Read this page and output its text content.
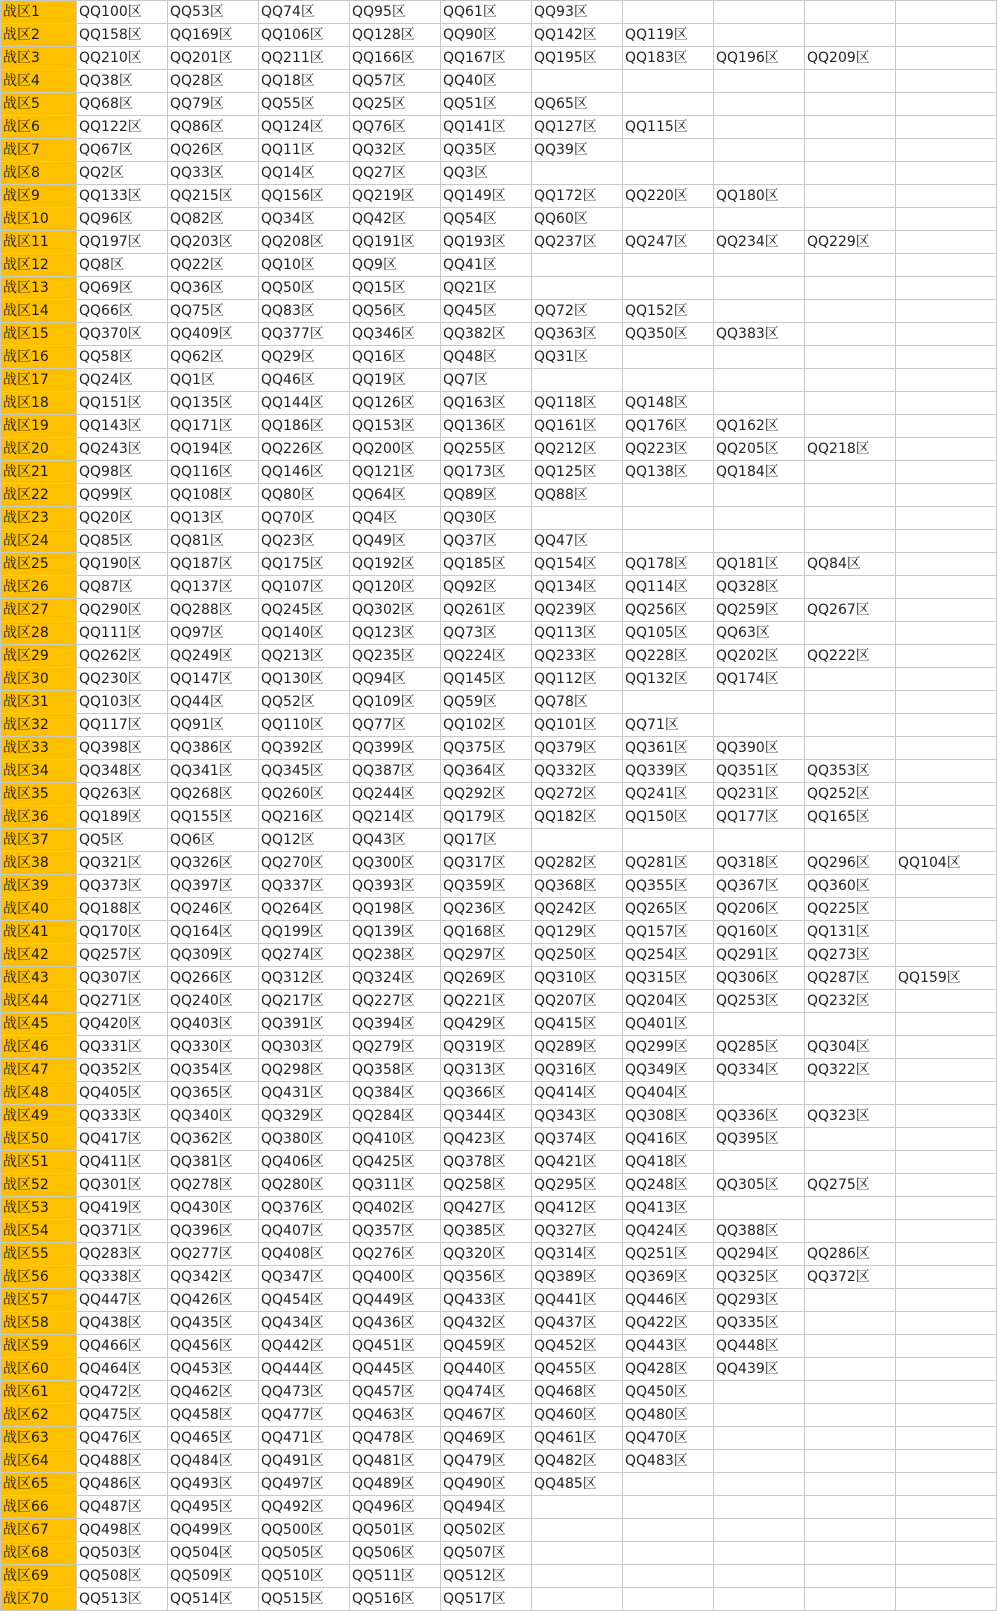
战区1	QQ100区	QQ53区	QQ74区	QQ95区	QQ61区	QQ93区				
战区2	QQ158区	QQ169区	QQ106区	QQ128区	QQ90区	QQ142区	QQ119区			
战区3	QQ210区	QQ201区	QQ211区	QQ166区	QQ167区	QQ195区	QQ183区	QQ196区	QQ209区	
战区4	QQ38区	QQ28区	QQ18区	QQ57区	QQ40区					
战区5	QQ68区	QQ79区	QQ55区	QQ25区	QQ51区	QQ65区				
战区6	QQ122区	QQ86区	QQ124区	QQ76区	QQ141区	QQ127区	QQ115区			
战区7	QQ67区	QQ26区	QQ11区	QQ32区	QQ35区	QQ39区				
战区8	QQ2区	QQ33区	QQ14区	QQ27区	QQ3区					
战区9	QQ133区	QQ215区	QQ156区	QQ219区	QQ149区	QQ172区	QQ220区	QQ180区		
战区10	QQ96区	QQ82区	QQ34区	QQ42区	QQ54区	QQ60区				
战区11	QQ197区	QQ203区	QQ208区	QQ191区	QQ193区	QQ237区	QQ247区	QQ234区	QQ229区	
战区12	QQ8区	QQ22区	QQ10区	QQ9区	QQ41区					
战区13	QQ69区	QQ36区	QQ50区	QQ15区	QQ21区					
战区14	QQ66区	QQ75区	QQ83区	QQ56区	QQ45区	QQ72区	QQ152区			
战区15	QQ370区	QQ409区	QQ377区	QQ346区	QQ382区	QQ363区	QQ350区	QQ383区		
战区16	QQ58区	QQ62区	QQ29区	QQ16区	QQ48区	QQ31区				
战区17	QQ24区	QQ1区	QQ46区	QQ19区	QQ7区					
战区18	QQ151区	QQ135区	QQ144区	QQ126区	QQ163区	QQ118区	QQ148区			
战区19	QQ143区	QQ171区	QQ186区	QQ153区	QQ136区	QQ161区	QQ176区	QQ162区		
战区20	QQ243区	QQ194区	QQ226区	QQ200区	QQ255区	QQ212区	QQ223区	QQ205区	QQ218区	
战区21	QQ98区	QQ116区	QQ146区	QQ121区	QQ173区	QQ125区	QQ138区	QQ184区		
战区22	QQ99区	QQ108区	QQ80区	QQ64区	QQ89区	QQ88区				
战区23	QQ20区	QQ13区	QQ70区	QQ4区	QQ30区					
战区24	QQ85区	QQ81区	QQ23区	QQ49区	QQ37区	QQ47区				
战区25	QQ190区	QQ187区	QQ175区	QQ192区	QQ185区	QQ154区	QQ178区	QQ181区	QQ84区	
战区26	QQ87区	QQ137区	QQ107区	QQ120区	QQ92区	QQ134区	QQ114区	QQ328区		
战区27	QQ290区	QQ288区	QQ245区	QQ302区	QQ261区	QQ239区	QQ256区	QQ259区	QQ267区	
战区28	QQ111区	QQ97区	QQ140区	QQ123区	QQ73区	QQ113区	QQ105区	QQ63区		
战区29	QQ262区	QQ249区	QQ213区	QQ235区	QQ224区	QQ233区	QQ228区	QQ202区	QQ222区	
战区30	QQ230区	QQ147区	QQ130区	QQ94区	QQ145区	QQ112区	QQ132区	QQ174区		
战区31	QQ103区	QQ44区	QQ52区	QQ109区	QQ59区	QQ78区				
战区32	QQ117区	QQ91区	QQ110区	QQ77区	QQ102区	QQ101区	QQ71区			
战区33	QQ398区	QQ386区	QQ392区	QQ399区	QQ375区	QQ379区	QQ361区	QQ390区		
战区34	QQ348区	QQ341区	QQ345区	QQ387区	QQ364区	QQ332区	QQ339区	QQ351区	QQ353区	
战区35	QQ263区	QQ268区	QQ260区	QQ244区	QQ292区	QQ272区	QQ241区	QQ231区	QQ252区	
战区36	QQ189区	QQ155区	QQ216区	QQ214区	QQ179区	QQ182区	QQ150区	QQ177区	QQ165区	
战区37	QQ5区	QQ6区	QQ12区	QQ43区	QQ17区					
战区38	QQ321区	QQ326区	QQ270区	QQ300区	QQ317区	QQ282区	QQ281区	QQ318区	QQ296区	QQ104区
战区39	QQ373区	QQ397区	QQ337区	QQ393区	QQ359区	QQ368区	QQ355区	QQ367区	QQ360区	
战区40	QQ188区	QQ246区	QQ264区	QQ198区	QQ236区	QQ242区	QQ265区	QQ206区	QQ225区	
战区41	QQ170区	QQ164区	QQ199区	QQ139区	QQ168区	QQ129区	QQ157区	QQ160区	QQ131区	
战区42	QQ257区	QQ309区	QQ274区	QQ238区	QQ297区	QQ250区	QQ254区	QQ291区	QQ273区	
战区43	QQ307区	QQ266区	QQ312区	QQ324区	QQ269区	QQ310区	QQ315区	QQ306区	QQ287区	QQ159区
战区44	QQ271区	QQ240区	QQ217区	QQ227区	QQ221区	QQ207区	QQ204区	QQ253区	QQ232区	
战区45	QQ420区	QQ403区	QQ391区	QQ394区	QQ429区	QQ415区	QQ401区			
战区46	QQ331区	QQ330区	QQ303区	QQ279区	QQ319区	QQ289区	QQ299区	QQ285区	QQ304区	
战区47	QQ352区	QQ354区	QQ298区	QQ358区	QQ313区	QQ316区	QQ349区	QQ334区	QQ322区	
战区48	QQ405区	QQ365区	QQ431区	QQ384区	QQ366区	QQ414区	QQ404区			
战区49	QQ333区	QQ340区	QQ329区	QQ284区	QQ344区	QQ343区	QQ308区	QQ336区	QQ323区	
战区50	QQ417区	QQ362区	QQ380区	QQ410区	QQ423区	QQ374区	QQ416区	QQ395区		
战区51	QQ411区	QQ381区	QQ406区	QQ425区	QQ378区	QQ421区	QQ418区			
战区52	QQ301区	QQ278区	QQ280区	QQ311区	QQ258区	QQ295区	QQ248区	QQ305区	QQ275区	
战区53	QQ419区	QQ430区	QQ376区	QQ402区	QQ427区	QQ412区	QQ413区			
战区54	QQ371区	QQ396区	QQ407区	QQ357区	QQ385区	QQ327区	QQ424区	QQ388区		
战区55	QQ283区	QQ277区	QQ408区	QQ276区	QQ320区	QQ314区	QQ251区	QQ294区	QQ286区	
战区56	QQ338区	QQ342区	QQ347区	QQ400区	QQ356区	QQ389区	QQ369区	QQ325区	QQ372区	
战区57	QQ447区	QQ426区	QQ454区	QQ449区	QQ433区	QQ441区	QQ446区	QQ293区		
战区58	QQ438区	QQ435区	QQ434区	QQ436区	QQ432区	QQ437区	QQ422区	QQ335区		
战区59	QQ466区	QQ456区	QQ442区	QQ451区	QQ459区	QQ452区	QQ443区	QQ448区		
战区60	QQ464区	QQ453区	QQ444区	QQ445区	QQ440区	QQ455区	QQ428区	QQ439区		
战区61	QQ472区	QQ462区	QQ473区	QQ457区	QQ474区	QQ468区	QQ450区			
战区62	QQ475区	QQ458区	QQ477区	QQ463区	QQ467区	QQ460区	QQ480区			
战区63	QQ476区	QQ465区	QQ471区	QQ478区	QQ469区	QQ461区	QQ470区			
战区64	QQ488区	QQ484区	QQ491区	QQ481区	QQ479区	QQ482区	QQ483区			
战区65	QQ486区	QQ493区	QQ497区	QQ489区	QQ490区	QQ485区				
战区66	QQ487区	QQ495区	QQ492区	QQ496区	QQ494区					
战区67	QQ498区	QQ499区	QQ500区	QQ501区	QQ502区					
战区68	QQ503区	QQ504区	QQ505区	QQ506区	QQ507区					
战区69	QQ508区	QQ509区	QQ510区	QQ511区	QQ512区					
战区70	QQ513区	QQ514区	QQ515区	QQ516区	QQ517区					
